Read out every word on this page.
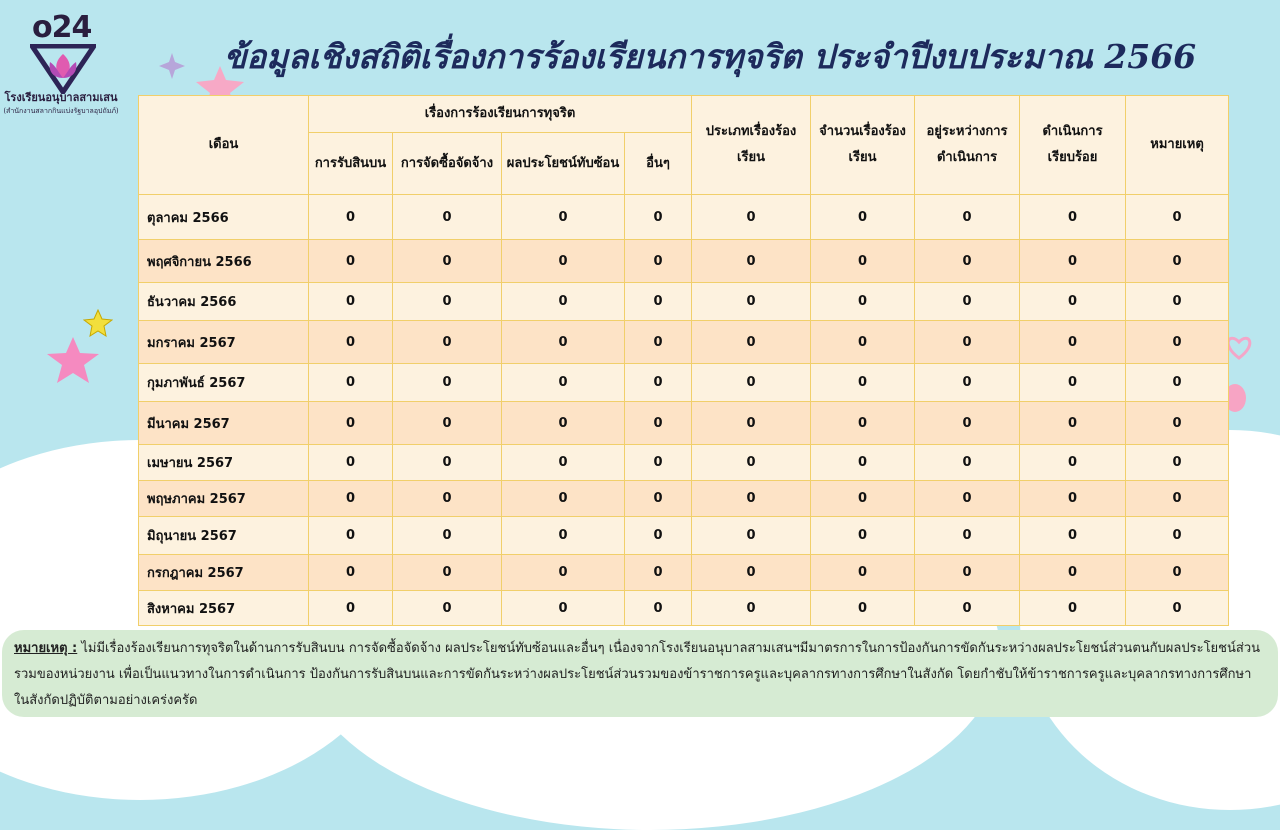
o24
โรงเรียนอนุบาลสามเสน
(สำนักงานสลากกินแบ่งรัฐบาลอุปถัมภ์)
ข้อมูลเชิงสถิติเรื่องการร้องเรียนการทุจริต ประจำปีงบประมาณ 2566
เดือน	เรื่องการร้องเรียนการทุจริต				ประเภทเรื่องร้องเรียน	จำนวนเรื่องร้องเรียน	อยู่ระหว่างการดำเนินการ	ดำเนินการเรียบร้อย	หมายเหตุ
	การรับสินบน	การจัดซื้อจัดจ้าง	ผลประโยชน์ทับซ้อน	อื่นๆ					
ตุลาคม 2566	0	0	0	0	0	0	0	0	0
พฤศจิกายน 2566	0	0	0	0	0	0	0	0	0
ธันวาคม 2566	0	0	0	0	0	0	0	0	0
มกราคม 2567	0	0	0	0	0	0	0	0	0
กุมภาพันธ์ 2567	0	0	0	0	0	0	0	0	0
มีนาคม 2567	0	0	0	0	0	0	0	0	0
เมษายน 2567	0	0	0	0	0	0	0	0	0
พฤษภาคม 2567	0	0	0	0	0	0	0	0	0
มิถุนายน 2567	0	0	0	0	0	0	0	0	0
กรกฎาคม 2567	0	0	0	0	0	0	0	0	0
สิงหาคม 2567	0	0	0	0	0	0	0	0	0
หมายเหตุ : ไม่มีเรื่องร้องเรียนการทุจริตในด้านการรับสินบน การจัดซื้อจัดจ้าง ผลประโยชน์ทับซ้อนและอื่นๆ เนื่องจากโรงเรียนอนุบาลสามเสนฯมีมาตรการในการป้องกันการขัดกันระหว่างผลประโยชน์ส่วนตนกับผลประโยชน์ส่วนรวมของหน่วยงาน เพื่อเป็นแนวทางในการดำเนินการ ป้องกันการรับสินบนและการขัดกันระหว่างผลประโยชน์ส่วนรวมของข้าราชการครูและบุคลากรทางการศึกษาในสังกัด โดยกำชับให้ข้าราชการครูและบุคลากรทางการศึกษาในสังกัดปฏิบัติตามอย่างเคร่งครัด
